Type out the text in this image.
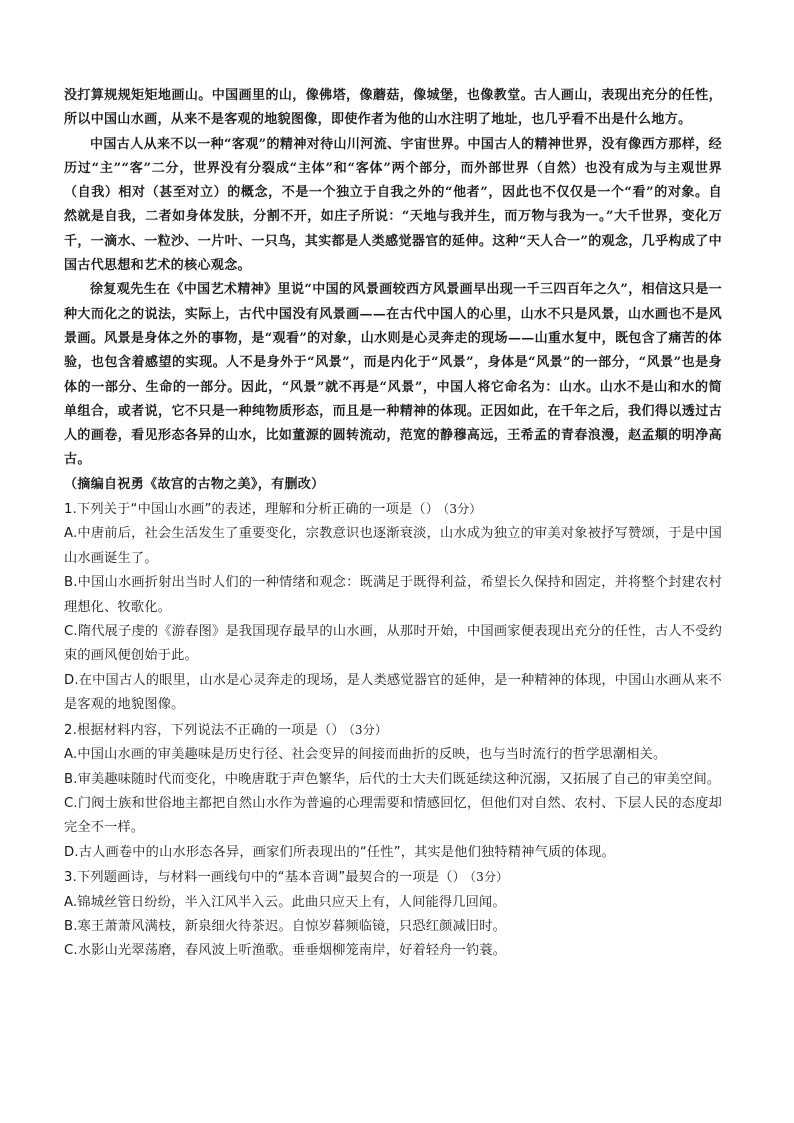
没打算规规矩矩地画山。中国画里的山，像佛塔，像蘑菇，像城堡，也像教堂。古人画山，表现出充分的任性，所以中国山水画，从来不是客观的地貌图像，即使作者为他的山水注明了地址，也几乎看不出是什么地方。

中国古人从来不以一种“客观”的精神对待山川河流、宇宙世界。中国古人的精神世界，没有像西方那样，经历过“主”“客”二分，世界没有分裂成“主体”和“客体”两个部分，而外部世界（自然）也没有成为与主观世界（自我）相对（甚至对立）的概念，不是一个独立于自我之外的“他者”，因此也不仅仅是一个“看”的对象。自然就是自我，二者如身体发肤，分割不开，如庄子所说：“天地与我并生，而万物与我为一。”大千世界，变化万千，一滴水、一粒沙、一片叶、一只鸟，其实都是人类感觉器官的延伸。这种“天人合一”的观念，几乎构成了中国古代思想和艺术的核心观念。

徐复观先生在《中国艺术精神》里说“中国的风景画较西方风景画早出现一千三四百年之久”，相信这只是一种大而化之的说法，实际上，古代中国没有风景画——在古代中国人的心里，山水不只是风景，山水画也不是风景画。风景是身体之外的事物，是“观看”的对象，山水则是心灵奔走的现场——山重水复中，既包含了痛苦的体验，也包含着感望的实现。人不是身外于“风景”，而是内化于“风景”，身体是“风景”的一部分，“风景”也是身体的一部分、生命的一部分。因此，“风景”就不再是“风景”，中国人将它命名为：山水。山水不是山和水的简单组合，或者说，它不只是一种纯物质形态，而且是一种精神的体现。正因如此，在千年之后，我们得以透过古人的画卷，看见形态各异的山水，比如董源的圆转流动，范宽的静穆高远，王希孟的青春浪漫，赵孟頫的明净高古。

（摘编自祝勇《故宫的古物之美》，有删改）

1.下列关于“中国山水画”的表述，理解和分析正确的一项是（） （3分）

A.中唐前后，社会生活发生了重要变化，宗教意识也逐渐衰淡，山水成为独立的审美对象被抒写赞颂，于是中国山水画诞生了。

B.中国山水画折射出当时人们的一种情绪和观念：既满足于既得利益，希望长久保持和固定，并将整个封建农村理想化、牧歌化。

C.隋代展子虔的《游春图》是我国现存最早的山水画，从那时开始，中国画家便表现出充分的任性，古人不受约束的画风便创始于此。

D.在中国古人的眼里，山水是心灵奔走的现场，是人类感觉器官的延伸，是一种精神的体现，中国山水画从来不是客观的地貌图像。

2.根据材料内容，下列说法不正确的一项是（） （3分）

A.中国山水画的审美趣味是历史行径、社会变异的间接而曲折的反映，也与当时流行的哲学思潮相关。

B.审美趣味随时代而变化，中晚唐耽于声色繁华，后代的士大夫们既延续这种沉溺，又拓展了自己的审美空间。

C.门阀士族和世俗地主都把自然山水作为普遍的心理需要和情感回忆，但他们对自然、农村、下层人民的态度却完全不一样。

D.古人画卷中的山水形态各异，画家们所表现出的“任性”，其实是他们独特精神气质的体现。

3.下列题画诗，与材料一画线句中的“基本音调”最契合的一项是（） （3分）

A.锦城丝管日纷纷，半入江风半入云。此曲只应天上有，人间能得几回闻。

B.寒王萧萧风满枝，新泉细火待茶迟。自惊岁暮频临镜，只恐红颜减旧时。

C.水影山光翠荡磨，春风波上听渔歌。垂垂烟柳笼南岸，好着轻舟一钓蓑。
